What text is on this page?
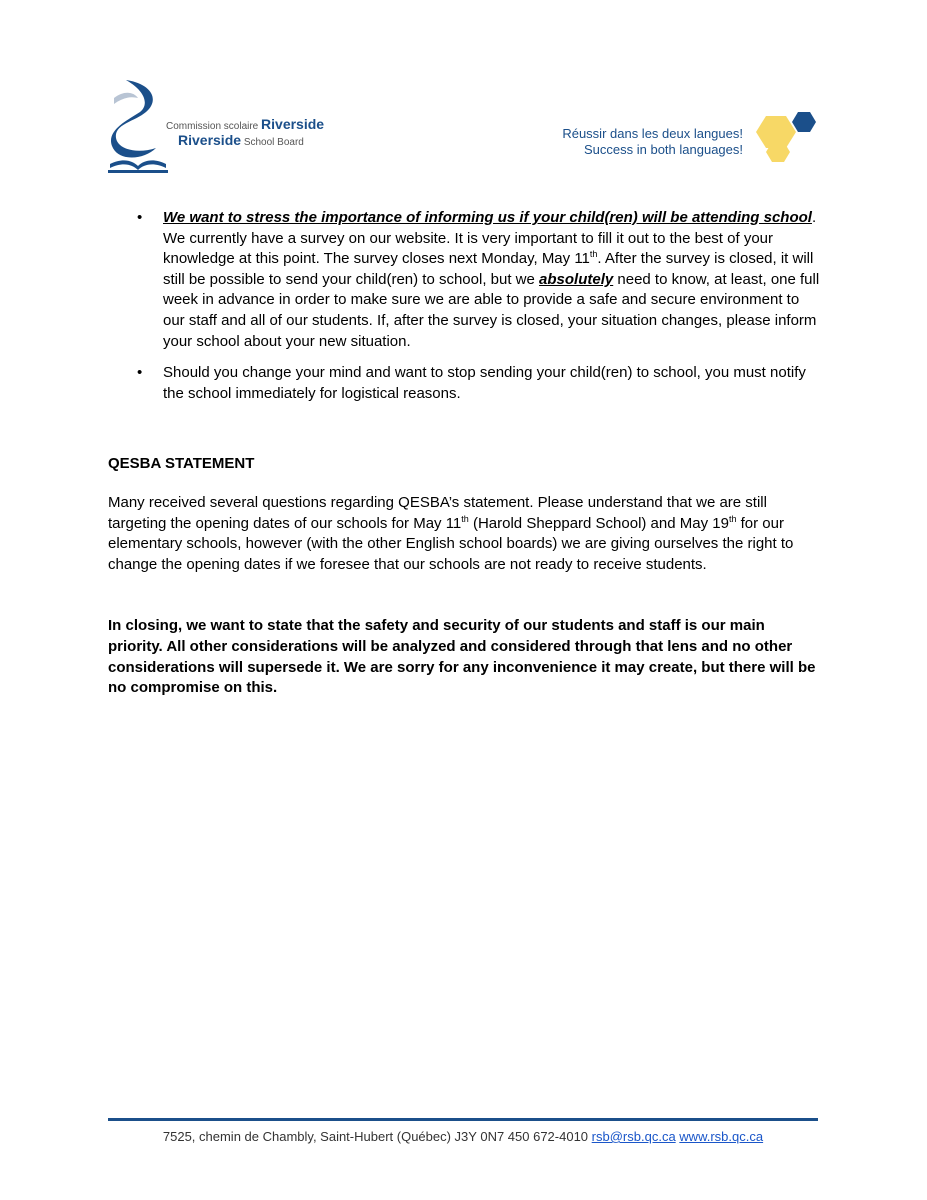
Commission scolaire Riverside
Riverside School Board
Réussir dans les deux langues!
Success in both languages!
• We want to stress the importance of informing us if your child(ren) will be attending school. We currently have a survey on our website. It is very important to fill it out to the best of your knowledge at this point. The survey closes next Monday, May 11th. After the survey is closed, it will still be possible to send your child(ren) to school, but we absolutely need to know, at least, one full week in advance in order to make sure we are able to provide a safe and secure environment to our staff and all of our students. If, after the survey is closed, your situation changes, please inform your school about your new situation.
• Should you change your mind and want to stop sending your child(ren) to school, you must notify the school immediately for logistical reasons.
QESBA STATEMENT

Many received several questions regarding QESBA’s statement. Please understand that we are still targeting the opening dates of our schools for May 11th (Harold Sheppard School) and May 19th for our elementary schools, however (with the other English school boards) we are giving ourselves the right to change the opening dates if we foresee that our schools are not ready to receive students.

In closing, we want to state that the safety and security of our students and staff is our main priority. All other considerations will be analyzed and considered through that lens and no other considerations will supersede it. We are sorry for any inconvenience it may create, but there will be no compromise on this.

7525, chemin de Chambly, Saint-Hubert (Québec) J3Y 0N7 450 672-4010 rsb@rsb.qc.ca www.rsb.qc.ca
